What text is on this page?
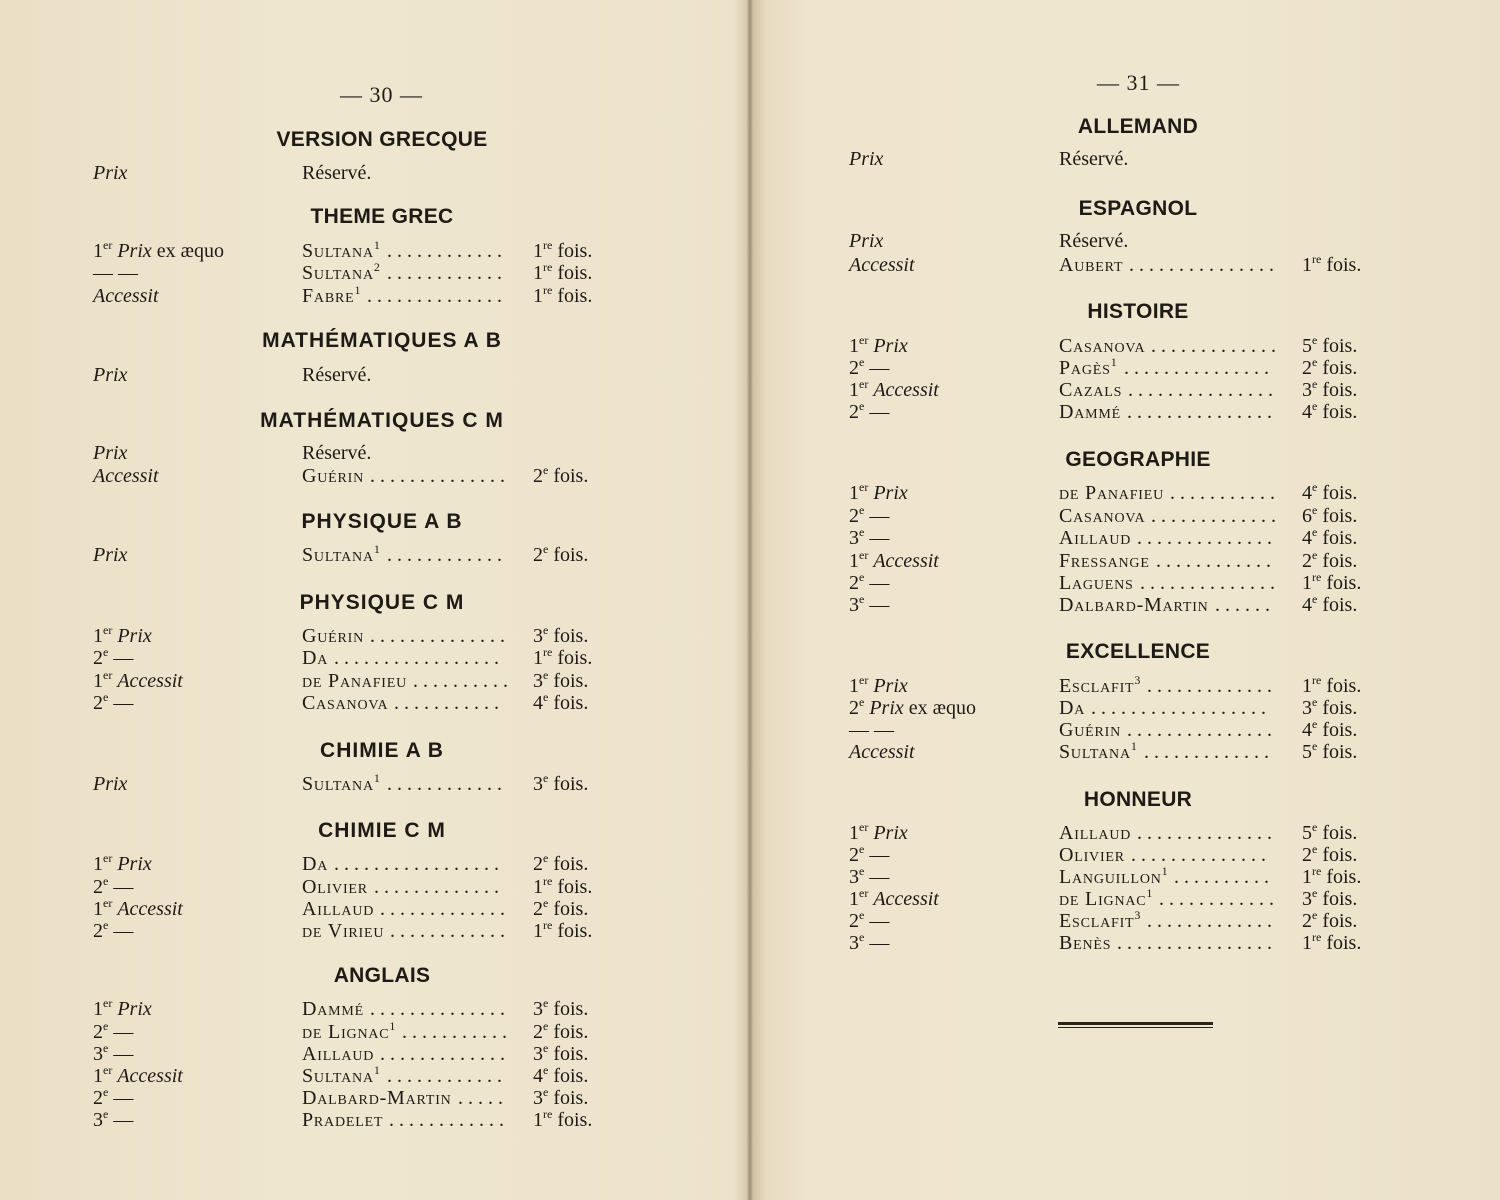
— 30 —	— 31 —
VERSION GRECQUE
Prix	Réservé.
THEME GREC
1er Prix ex æquo	Sultana$^1$ ............ 1re fois.
— —	Sultana$^2$ ............ 1re fois.
Accessit	Fabre$^1$ .............. 1re fois.
MATHÉMATIQUES A B
Prix	Réservé.
MATHÉMATIQUES C M
Prix	Réservé.
Accessit	Guérin .............. 2e fois.
PHYSIQUE A B
Prix	Sultana$^1$ ............ 2e fois.
PHYSIQUE C M
1er Prix	Guérin .............. 3e fois.
2e —	Da ................. 1re fois.
1er Accessit	de Panafieu .......... 3e fois.
2e —	Casanova ........... 4e fois.
CHIMIE A B
Prix	Sultana$^1$ ............ 3e fois.
CHIMIE C M
1er Prix	Da ................. 2e fois.
2e —	Olivier ............. 1re fois.
1er Accessit	Aillaud ............. 2e fois.
2e —	de Virieu ............ 1re fois.
ANGLAIS
1er Prix	Dammé .............. 3e fois.
2e —	de Lignac$^1$ ........... 2e fois.
3e —	Aillaud ............. 3e fois.
1er Accessit	Sultana$^1$ ............ 4e fois.
2e —	Dalbard-Martin ..... 3e fois.
3e —	Pradelet ............ 1re fois.
ALLEMAND
Prix	Réservé.
ESPAGNOL
Prix	Réservé.
Accessit	Aubert ............... 1re fois.
HISTOIRE
1er Prix	Casanova ............. 5e fois.
2e —	Pagès$^1$ ............... 2e fois.
1er Accessit	Cazals ............... 3e fois.
2e —	Dammé ............... 4e fois.
GEOGRAPHIE
1er Prix	de Panafieu ........... 4e fois.
2e —	Casanova ............. 6e fois.
3e —	Aillaud .............. 4e fois.
1er Accessit	Fressange ............ 2e fois.
2e —	Laguens .............. 1re fois.
3e —	Dalbard-Martin ...... 4e fois.
EXCELLENCE
1er Prix	Esclafit$^3$ ............. 1re fois.
2e Prix ex æquo	Da .................. 3e fois.
— —	Guérin ............... 4e fois.
Accessit	Sultana$^1$ ............. 5e fois.
HONNEUR
1er Prix	Aillaud .............. 5e fois.
2e —	Olivier .............. 2e fois.
3e —	Languillon$^1$ .......... 1re fois.
1er Accessit	de Lignac$^1$ ............ 3e fois.
2e —	Esclafit$^3$ ............. 2e fois.
3e —	Benès ................ 1re fois.
